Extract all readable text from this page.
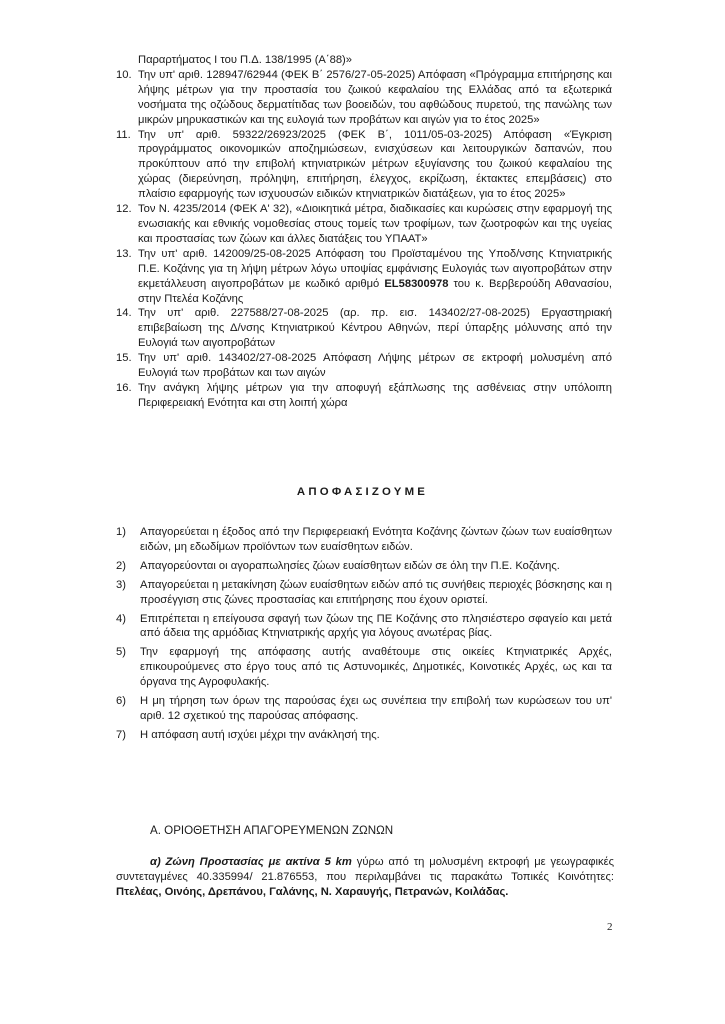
Παραρτήματος Ι του Π.Δ. 138/1995 (Α΄88)»
10. Την υπ' αριθ. 128947/62944 (ΦΕΚ Β΄ 2576/27-05-2025) Απόφαση «Πρόγραμμα επιτήρησης και λήψης μέτρων για την προστασία του ζωικού κεφαλαίου της Ελλάδας από τα εξωτερικά νοσήματα της οζώδους δερματίτιδας των βοοειδών, του αφθώδους πυρετού, της πανώλης των μικρών μηρυκαστικών και της ευλογιά των προβάτων και αιγών για το έτος 2025»
11. Την υπ' αριθ. 59322/26923/2025 (ΦΕΚ Β΄, 1011/05-03-2025) Απόφαση «Έγκριση προγράμματος οικονομικών αποζημιώσεων, ενισχύσεων και λειτουργικών δαπανών, που προκύπτουν από την επιβολή κτηνιατρικών μέτρων εξυγίανσης του ζωικού κεφαλαίου της χώρας (διερεύνηση, πρόληψη, επιτήρηση, έλεγχος, εκρίζωση, έκτακτες επεμβάσεις) στο πλαίσιο εφαρμογής των ισχυουσών ειδικών κτηνιατρικών διατάξεων, για το έτος 2025»
12. Τον Ν. 4235/2014 (ΦΕΚ Α' 32), «Διοικητικά μέτρα, διαδικασίες και κυρώσεις στην εφαρμογή της ενωσιακής και εθνικής νομοθεσίας στους τομείς των τροφίμων, των ζωοτροφών και της υγείας και προστασίας των ζώων και άλλες διατάξεις του ΥΠΑΑΤ»
13. Την υπ' αριθ. 142009/25-08-2025 Απόφαση του Προϊσταμένου της Υποδ/νσης Κτηνιατρικής Π.Ε. Κοζάνης για τη λήψη μέτρων λόγω υποψίας εμφάνισης Ευλογιάς των αιγοπροβάτων στην εκμετάλλευση αιγοπροβάτων με κωδικό αριθμό EL58300978 του κ. Βερβερούδη Αθανασίου, στην Πτελέα Κοζάνης
14. Την υπ' αριθ. 227588/27-08-2025 (αρ. πρ. εισ. 143402/27-08-2025) Εργαστηριακή επιβεβαίωση της Δ/νσης Κτηνιατρικού Κέντρου Αθηνών, περί ύπαρξης μόλυνσης από την Ευλογιά των αιγοπροβάτων
15. Την υπ' αριθ. 143402/27-08-2025 Απόφαση Λήψης μέτρων σε εκτροφή μολυσμένη από Ευλογιά των προβάτων και των αιγών
16. Την ανάγκη λήψης μέτρων για την αποφυγή εξάπλωσης της ασθένειας στην υπόλοιπη Περιφερειακή Ενότητα και στη λοιπή χώρα
ΑΠΟΦΑΣΙΖΟΥΜΕ
1)	Απαγορεύεται η έξοδος από την Περιφερειακή Ενότητα Κοζάνης ζώντων ζώων των ευαίσθητων ειδών, μη εδωδίμων προϊόντων των ευαίσθητων ειδών.
2)	Απαγορεύονται οι αγοραπωλησίες ζώων ευαίσθητων ειδών σε όλη την Π.Ε. Κοζάνης.
3)	Απαγορεύεται η μετακίνηση ζώων ευαίσθητων ειδών από τις συνήθεις περιοχές βόσκησης και η προσέγγιση στις ζώνες προστασίας και επιτήρησης που έχουν οριστεί.
4)	Επιτρέπεται η επείγουσα σφαγή των ζώων της ΠΕ Κοζάνης στο πλησιέστερο σφαγείο και μετά από άδεια της αρμόδιας Κτηνιατρικής αρχής για λόγους ανωτέρας βίας.
5)	Την εφαρμογή της απόφασης αυτής αναθέτουμε στις οικείες Κτηνιατρικές Αρχές, επικουρούμενες στο έργο τους από τις Αστυνομικές, Δημοτικές, Κοινοτικές Αρχές, ως και τα όργανα της Αγροφυλακής.
6)	Η μη τήρηση των όρων της παρούσας έχει ως συνέπεια την επιβολή των κυρώσεων του υπ' αριθ. 12 σχετικού της παρούσας απόφασης.
7)	Η απόφαση αυτή ισχύει μέχρι την ανάκλησή της.
Α. ΟΡΙΟΘΕΤΗΣΗ ΑΠΑΓΟΡΕΥΜΕΝΩΝ ΖΩΝΩΝ

α) Ζώνη Προστασίας με ακτίνα 5 km γύρω από τη μολυσμένη εκτροφή με γεωγραφικές συντεταγμένες 40.335994/ 21.876553, που περιλαμβάνει τις παρακάτω Τοπικές Κοινότητες: Πτελέας, Οινόης, Δρεπάνου, Γαλάνης, Ν. Χαραυγής, Πετρανών, Κοιλάδας.

2
